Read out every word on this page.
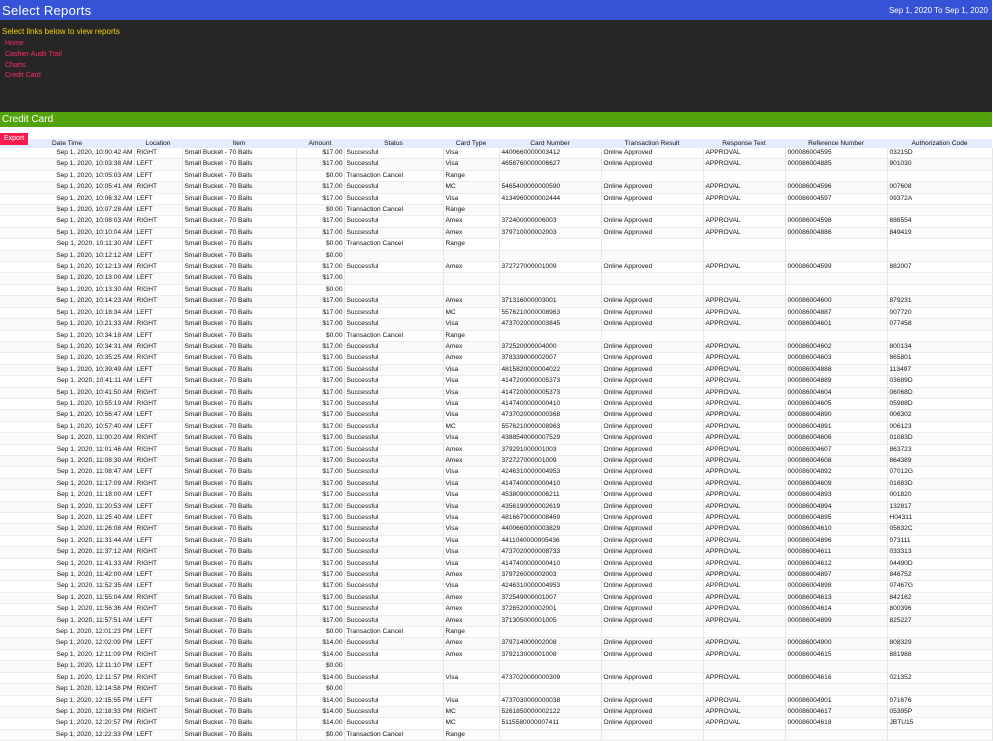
Select Reports	Sep 1, 2020 To Sep 1, 2020
Select links below to view reports
Home
Cashier Audit Trail
Charts
Credit Card
Credit Card
Export
Date Time	Location	Item	Amount	Status	Card Type	Card Number	Transaction Result	Response Text	Reference Number	Authorization Code
Sep 1, 2020, 10:00:42 AM	RIGHT	Small Bucket - 70 Balls	$17.00	Successful	Visa	4400660000003412	Online Approved	APPROVAL	000086004595	03215D
Sep 1, 2020, 10:03:38 AM	LEFT	Small Bucket - 70 Balls	$17.00	Successful	Visa	4658760000006627	Online Approved	APPROVAL	000086004885	901030
Sep 1, 2020, 10:05:03 AM	LEFT	Small Bucket - 70 Balls	$0.00	Transaction Cancel	Range					
Sep 1, 2020, 10:05:41 AM	RIGHT	Small Bucket - 70 Balls	$17.00	Successful	MC	5465400000000590	Online Approved	APPROVAL	000086004596	007608
Sep 1, 2020, 10:06:32 AM	LEFT	Small Bucket - 70 Balls	$17.00	Successful	Visa	4134960000002444	Online Approved	APPROVAL	000086004597	09372A
Sep 1, 2020, 10:07:28 AM	LEFT	Small Bucket - 70 Balls	$0.00	Transaction Cancel	Range					
Sep 1, 2020, 10:08:03 AM	RIGHT	Small Bucket - 70 Balls	$17.00	Successful	Amex	372400000006003	Online Approved	APPROVAL	000086004598	886554
Sep 1, 2020, 10:10:04 AM	LEFT	Small Bucket - 70 Balls	$17.00	Successful	Amex	379710000002003	Online Approved	APPROVAL	000086004886	849419
Sep 1, 2020, 10:11:30 AM	LEFT	Small Bucket - 70 Balls	$0.00	Transaction Cancel	Range					
Sep 1, 2020, 10:12:12 AM	LEFT	Small Bucket - 70 Balls	$0.00							
Sep 1, 2020, 10:12:13 AM	RIGHT	Small Bucket - 70 Balls	$17.00	Successful	Amex	372727000001009	Online Approved	APPROVAL	000086004599	882007
Sep 1, 2020, 10:13:00 AM	LEFT	Small Bucket - 70 Balls	$17.00							
Sep 1, 2020, 10:13:30 AM	RIGHT	Small Bucket - 70 Balls	$0.00							
Sep 1, 2020, 10:14:23 AM	RIGHT	Small Bucket - 70 Balls	$17.00	Successful	Amex	371316000003001	Online Approved	APPROVAL	000086004600	879231
Sep 1, 2020, 10:18:34 AM	LEFT	Small Bucket - 70 Balls	$17.00	Successful	MC	5576210000008963	Online Approved	APPROVAL	000086004887	007720
Sep 1, 2020, 10:21:33 AM	RIGHT	Small Bucket - 70 Balls	$17.00	Successful	Visa	4737020000003845	Online Approved	APPROVAL	000086004601	077458
Sep 1, 2020, 10:34:18 AM	LEFT	Small Bucket - 70 Balls	$0.00	Transaction Cancel	Range					
Sep 1, 2020, 10:34:31 AM	RIGHT	Small Bucket - 70 Balls	$17.00	Successful	Amex	372520000004000	Online Approved	APPROVAL	000086004602	800134
Sep 1, 2020, 10:35:25 AM	RIGHT	Small Bucket - 70 Balls	$17.00	Successful	Amex	378339000002007	Online Approved	APPROVAL	000086004603	865801
Sep 1, 2020, 10:39:49 AM	LEFT	Small Bucket - 70 Balls	$17.00	Successful	Visa	4815820000004022	Online Approved	APPROVAL	000086004888	113497
Sep 1, 2020, 10:41:11 AM	LEFT	Small Bucket - 70 Balls	$17.00	Successful	Visa	4147200000005373	Online Approved	APPROVAL	000086004889	03689D
Sep 1, 2020, 10:41:50 AM	RIGHT	Small Bucket - 70 Balls	$17.00	Successful	Visa	4147200000005373	Online Approved	APPROVAL	000086004604	06068D
Sep 1, 2020, 10:55:19 AM	RIGHT	Small Bucket - 70 Balls	$17.00	Successful	Visa	4147400000000410	Online Approved	APPROVAL	000086004605	05988D
Sep 1, 2020, 10:56:47 AM	LEFT	Small Bucket - 70 Balls	$17.00	Successful	Visa	4737020000000368	Online Approved	APPROVAL	000086004890	006302
Sep 1, 2020, 10:57:40 AM	LEFT	Small Bucket - 70 Balls	$17.00	Successful	MC	5576210000008963	Online Approved	APPROVAL	000086004891	006123
Sep 1, 2020, 11:00:20 AM	RIGHT	Small Bucket - 70 Balls	$17.00	Successful	Visa	4388540000007529	Online Approved	APPROVAL	000086004606	01083D
Sep 1, 2020, 11:01:46 AM	RIGHT	Small Bucket - 70 Balls	$17.00	Successful	Amex	379291000001003	Online Approved	APPROVAL	000086004607	863723
Sep 1, 2020, 11:08:30 AM	RIGHT	Small Bucket - 70 Balls	$17.00	Successful	Amex	372727000001009	Online Approved	APPROVAL	000086004608	864389
Sep 1, 2020, 11:08:47 AM	LEFT	Small Bucket - 70 Balls	$17.00	Successful	Visa	4246310000004953	Online Approved	APPROVAL	000086004892	07012G
Sep 1, 2020, 11:17:09 AM	RIGHT	Small Bucket - 70 Balls	$17.00	Successful	Visa	4147400000000410	Online Approved	APPROVAL	000086004609	01683D
Sep 1, 2020, 11:18:00 AM	LEFT	Small Bucket - 70 Balls	$17.00	Successful	Visa	4538090000006211	Online Approved	APPROVAL	000086004893	001820
Sep 1, 2020, 11:20:53 AM	LEFT	Small Bucket - 70 Balls	$17.00	Successful	Visa	4356190000002619	Online Approved	APPROVAL	000086004894	132817
Sep 1, 2020, 11:25:40 AM	LEFT	Small Bucket - 70 Balls	$17.00	Successful	Visa	4816670000008469	Online Approved	APPROVAL	000086004895	H04311
Sep 1, 2020, 11:26:08 AM	RIGHT	Small Bucket - 70 Balls	$17.00	Successful	Visa	4400660000003829	Online Approved	APPROVAL	000086004610	05632C
Sep 1, 2020, 11:31:44 AM	LEFT	Small Bucket - 70 Balls	$17.00	Successful	Visa	4411040000005436	Online Approved	APPROVAL	000086004896	073111
Sep 1, 2020, 11:37:12 AM	RIGHT	Small Bucket - 70 Balls	$17.00	Successful	Visa	4737020000008733	Online Approved	APPROVAL	000086004611	033313
Sep 1, 2020, 11:41:33 AM	RIGHT	Small Bucket - 70 Balls	$17.00	Successful	Visa	4147400000000410	Online Approved	APPROVAL	000086004612	04490D
Sep 1, 2020, 11:42:00 AM	LEFT	Small Bucket - 70 Balls	$17.00	Successful	Amex	379726000002003	Online Approved	APPROVAL	000086004897	846752
Sep 1, 2020, 11:52:35 AM	LEFT	Small Bucket - 70 Balls	$17.00	Successful	Visa	4246310000004953	Online Approved	APPROVAL	000086004898	07467G
Sep 1, 2020, 11:55:04 AM	RIGHT	Small Bucket - 70 Balls	$17.00	Successful	Amex	372549000001007	Online Approved	APPROVAL	000086004613	842162
Sep 1, 2020, 11:56:36 AM	RIGHT	Small Bucket - 70 Balls	$17.00	Successful	Amex	372652000002001	Online Approved	APPROVAL	000086004614	800396
Sep 1, 2020, 11:57:51 AM	LEFT	Small Bucket - 70 Balls	$17.00	Successful	Amex	371305000001005	Online Approved	APPROVAL	000086004899	825227
Sep 1, 2020, 12:01:23 PM	LEFT	Small Bucket - 70 Balls	$0.00	Transaction Cancel	Range					
Sep 1, 2020, 12:02:09 PM	LEFT	Small Bucket - 70 Balls	$14.00	Successful	Amex	379714000002008	Online Approved	APPROVAL	000086004900	808329
Sep 1, 2020, 12:11:09 PM	RIGHT	Small Bucket - 70 Balls	$14.00	Successful	Amex	379213000001008	Online Approved	APPROVAL	000086004615	881988
Sep 1, 2020, 12:11:10 PM	LEFT	Small Bucket - 70 Balls	$0.00							
Sep 1, 2020, 12:11:57 PM	RIGHT	Small Bucket - 70 Balls	$14.00	Successful	Visa	4737020000000309	Online Approved	APPROVAL	000086004616	021352
Sep 1, 2020, 12:14:58 PM	RIGHT	Small Bucket - 70 Balls	$0.00							
Sep 1, 2020, 12:15:55 PM	LEFT	Small Bucket - 70 Balls	$14.00	Successful	Visa	4737030000000038	Online Approved	APPROVAL	000086004901	071676
Sep 1, 2020, 12:18:33 PM	RIGHT	Small Bucket - 70 Balls	$14.00	Successful	MC	5261850000002122	Online Approved	APPROVAL	000086004617	05395P
Sep 1, 2020, 12:20:57 PM	RIGHT	Small Bucket - 70 Balls	$14.00	Successful	MC	5115580000007411	Online Approved	APPROVAL	000086004618	JBTU15
Sep 1, 2020, 12:22:33 PM	LEFT	Small Bucket - 70 Balls	$0.00	Transaction Cancel	Range					
